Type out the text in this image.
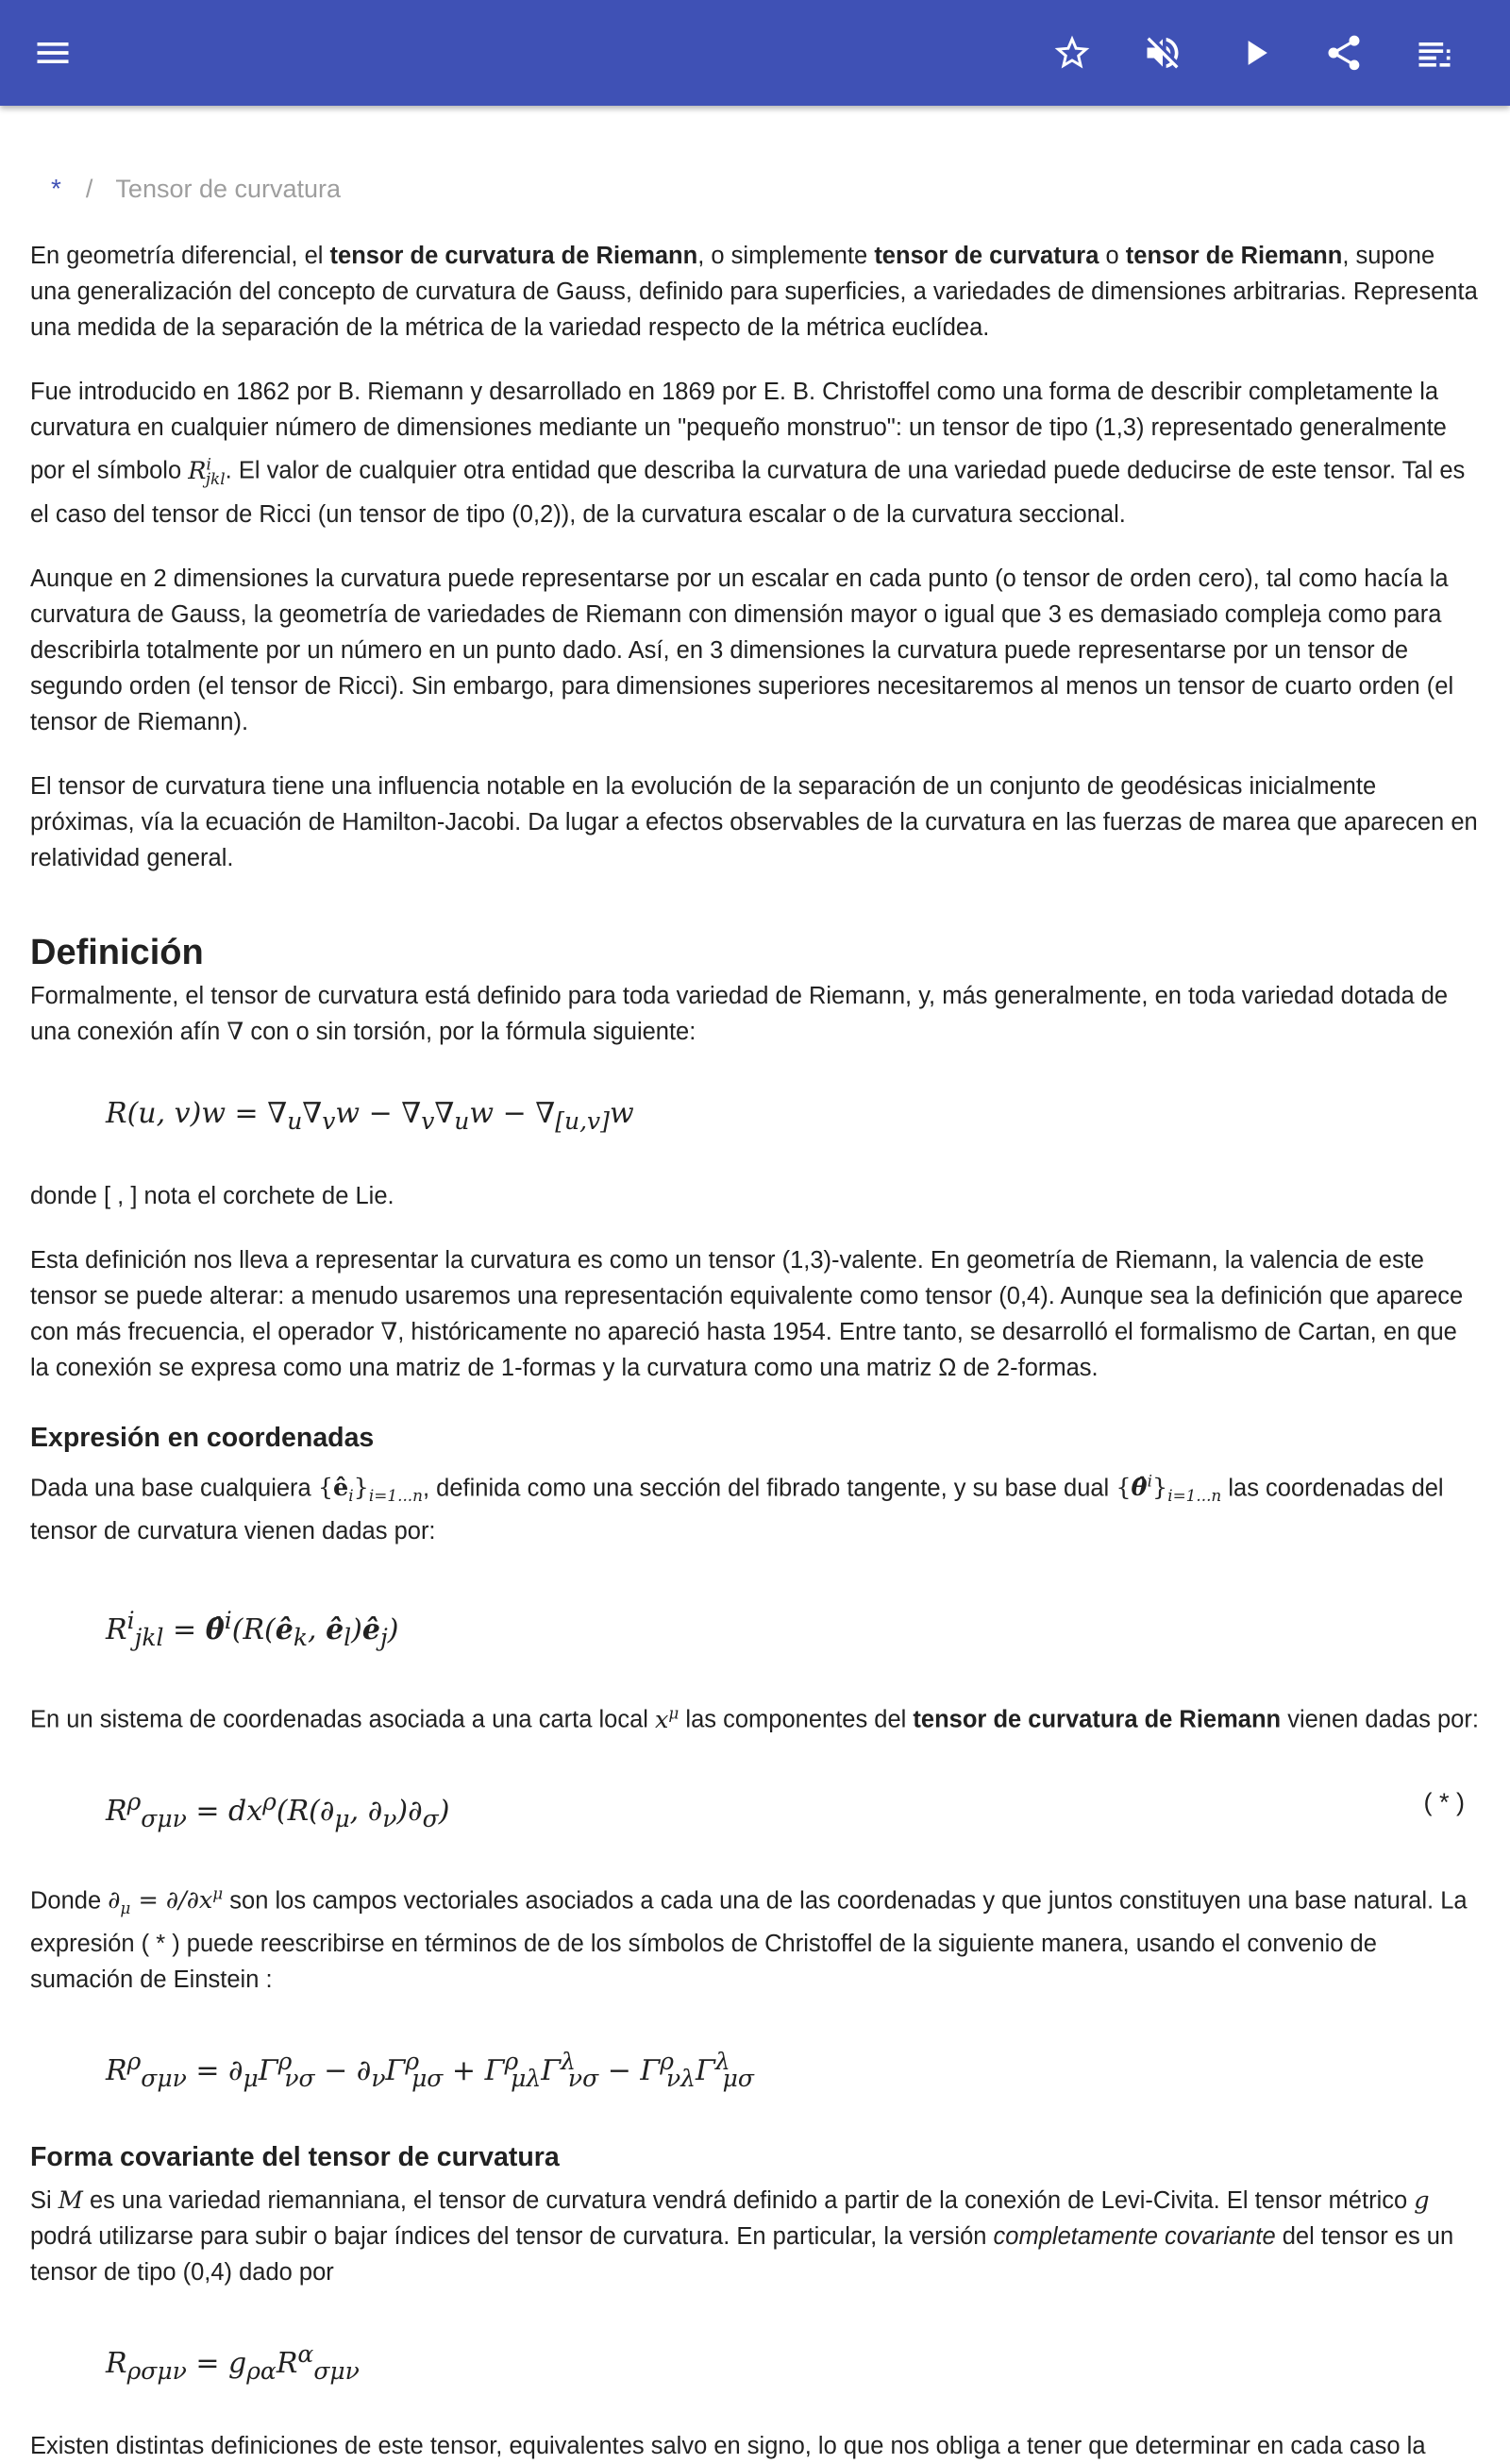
* / Tensor de curvatura

En geometría diferencial, el tensor de curvatura de Riemann, o simplemente tensor de curvatura o tensor de Riemann, supone una generalización del concepto de curvatura de Gauss, definido para superficies, a variedades de dimensiones arbitrarias. Representa una medida de la separación de la métrica de la variedad respecto de la métrica euclídea.

Fue introducido en 1862 por B. Riemann y desarrollado en 1869 por E. B. Christoffel como una forma de describir completamente la curvatura en cualquier número de dimensiones mediante un "pequeño monstruo": un tensor de tipo (1,3) representado generalmente por el símbolo $R^i_{jkl}$. El valor de cualquier otra entidad que describa la curvatura de una variedad puede deducirse de este tensor. Tal es el caso del tensor de Ricci (un tensor de tipo (0,2)), de la curvatura escalar o de la curvatura seccional.

Aunque en 2 dimensiones la curvatura puede representarse por un escalar en cada punto (o tensor de orden cero), tal como hacía la curvatura de Gauss, la geometría de variedades de Riemann con dimensión mayor o igual que 3 es demasiado compleja como para describirla totalmente por un número en un punto dado. Así, en 3 dimensiones la curvatura puede representarse por un tensor de segundo orden (el tensor de Ricci). Sin embargo, para dimensiones superiores necesitaremos al menos un tensor de cuarto orden (el tensor de Riemann).

El tensor de curvatura tiene una influencia notable en la evolución de la separación de un conjunto de geodésicas inicialmente próximas, vía la ecuación de Hamilton-Jacobi. Da lugar a efectos observables de la curvatura en las fuerzas de marea que aparecen en relatividad general.

Definición

Formalmente, el tensor de curvatura está definido para toda variedad de Riemann, y, más generalmente, en toda variedad dotada de una conexión afín ∇ con o sin torsión, por la fórmula siguiente:

R(u, $v)w = \nabla_u\nabla_vw - \nabla_v\nabla_uw - \nabla_{[u,v]}w$

donde [ , ] nota el corchete de Lie.

Esta definición nos lleva a representar la curvatura es como un tensor (1,3)-valente. En geometría de Riemann, la valencia de este tensor se puede alterar: a menudo usaremos una representación equivalente como tensor (0,4). Aunque sea la definición que aparece con más frecuencia, el operador ∇, históricamente no apareció hasta 1954. Entre tanto, se desarrolló el formalismo de Cartan, en que la conexión se expresa como una matriz de 1-formas y la curvatura como una matriz Ω de 2-formas.

Expresión en coordenadas

Dada una base cualquiera $\{ê_i\}_{i=1...n}$, definida como una sección del fibrado tangente, y su base dual $\{\thetâ^i\}_{i=1...n}$ las coordenadas del tensor de curvatura vienen dadas por:

$R^i_{jkl}$ = $\thetâ^i(R(ê_k$, $ê_l)ê_j$)

En un sistema de coordenadas asociada a una carta local $x^\mu$ las componentes del tensor de curvatura de Riemann vienen dadas por:

$R^\rho_{\sigma\mu\nu} = dx^\rho(R(\partial_\mu$, $\partial_\nu)\partial_\sigma$)	( * )

Donde $\partial_\mu = \partial/\partial x^\mu$ son los campos vectoriales asociados a cada una de las coordenadas y que juntos constituyen una base natural. La expresión ( * ) puede reescribirse en términos de de los símbolos de Christoffel de la siguiente manera, usando el convenio de sumación de Einstein :

$R^\rho_{\sigma\mu\nu} = \partial_\mu\Gamma^\rho_{\nu\sigma} - \partial_\nu\Gamma^\rho_{\mu\sigma} + \Gamma^\rho_{\mu\lambda}\Gamma^\lambda_{\nu\sigma} - \Gamma^\rho_{\nu\lambda}\Gamma^\lambda_{\mu\sigma}$
Forma covariante del tensor de curvatura

Si M es una variedad riemanniana, el tensor de curvatura vendrá definido a partir de la conexión de Levi-Civita. El tensor métrico g podrá utilizarse para subir o bajar índices del tensor de curvatura. En particular, la versión completamente covariante del tensor es un tensor de tipo (0,4) dado por

$R_{\rho\sigma\mu\nu} = g_{\rho\alpha}R^\alpha_{\sigma\mu\nu}$

Existen distintas definiciones de este tensor, equivalentes salvo en signo, lo que nos obliga a tener que determinar en cada caso la
